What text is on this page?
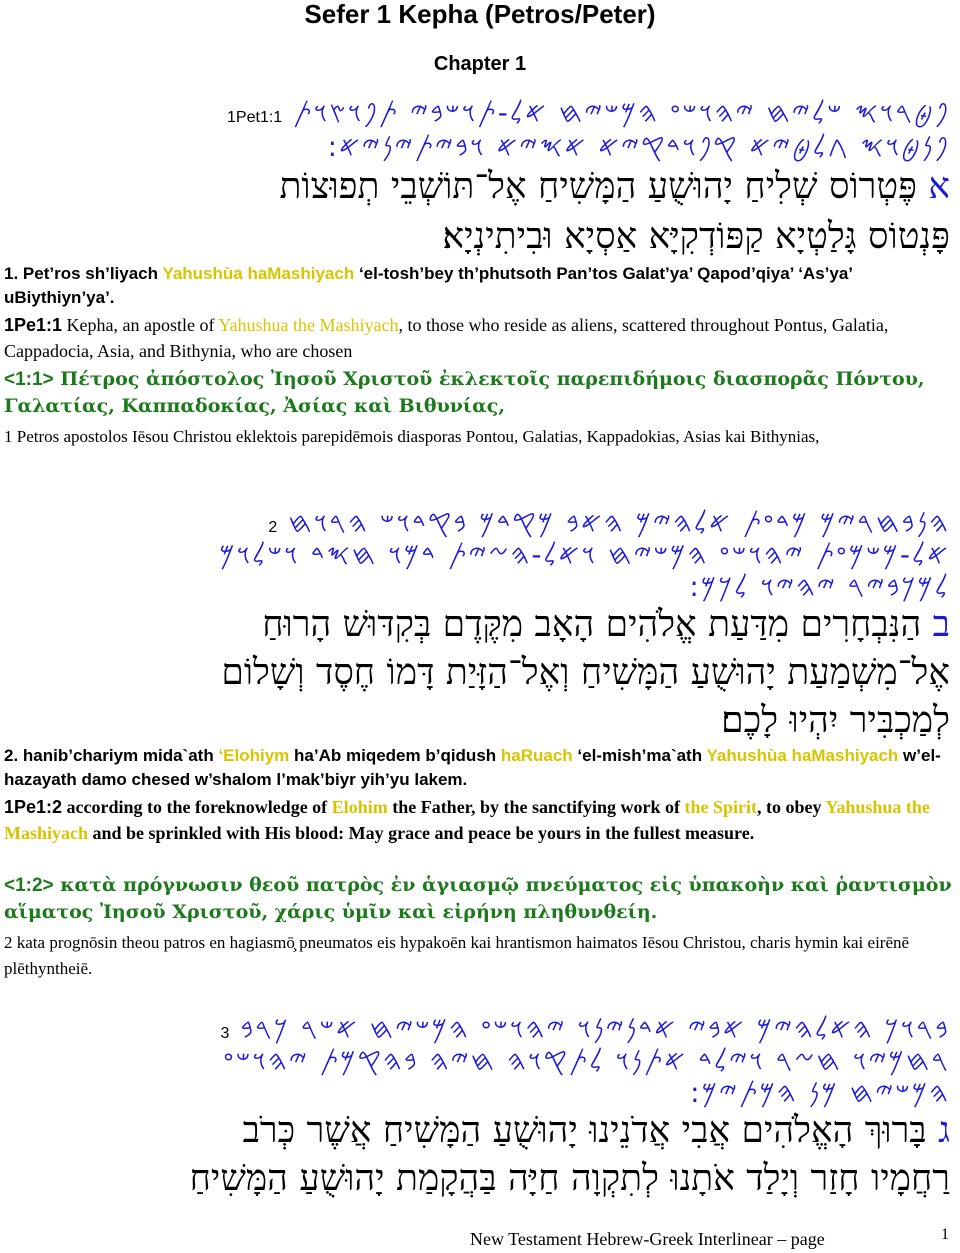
Sefer 1 Kepha (Petros/Peter)
Chapter 1
𐤐𐤈𐤓𐤅𐤎 𐤔𐤋𐤉𐤇 𐤉𐤄𐤅𐤔𐤏 𐤄𐤌𐤔𐤉𐤇 𐤀𐤋-𐤕𐤅𐤔𐤁𐤉 𐤕𐤐𐤅𐤑𐤅𐤕 1Pet1:1
𐤐𐤍𐤈𐤅𐤎 𐤂𐤋𐤈𐤉𐤀 𐤒𐤐𐤅𐤃𐤒𐤉𐤀 𐤀𐤎𐤉𐤀 𐤅𐤁𐤉𐤕𐤉𐤍𐤉𐤀:
א פֶּטְרוֹס שְׁלִיחַ יָהוּשֻׁעַ הַמָּשִׁיחַ אֶל־תּוֹשְׁבֵי תְפוּצוֹת
פָּנְטוֹס גָּלַטְיָא קַפּוֹדְקִיָּא אַסְיָא וּבִיתִינְיָא׃
1. Pet’ros sh’liyach Yahushùa haMashiyach ‘el-tosh’bey th’phutsoth Pan’tos Galat’ya’ Qapod’qiya’ ‘As’ya’ uBiythiyn’ya’.
1Pe1:1 Kepha, an apostle of Yahushua the Mashiyach, to those who reside as aliens, scattered throughout Pontus, Galatia, Cappadocia, Asia, and Bithynia, who are chosen
<1:1> Πέτρος ἀπόστολος Ἰησοῦ Χριστοῦ ἐκλεκτοῖς παρεπιδήμοις διασπορᾶς Πόντου, Γαλατίας, Καππαδοκίας, Ἀσίας καὶ Βιθυνίας,
1 Petros apostolos Iēsou Christou eklektois parepidēmois diasporas Pontou, Galatias, Kappadokias, Asias kai Bithynias,
𐤄𐤍𐤁𐤇𐤓𐤉𐤌 𐤌𐤃𐤏𐤕 𐤀𐤋𐤄𐤉𐤌 𐤄𐤀𐤁 𐤌𐤒𐤃𐤌 𐤁𐤒𐤃𐤅𐤔 𐤄𐤓𐤅𐤇 2
𐤀𐤋-𐤌𐤔𐤌𐤏𐤕 𐤉𐤄𐤅𐤔𐤏 𐤄𐤌𐤔𐤉𐤇 𐤅𐤀𐤋-𐤄𐤆𐤉𐤕 𐤃𐤌𐤅 𐤇𐤎𐤃 𐤅𐤔𐤋𐤅𐤌
𐤋𐤌𐤊𐤁𐤉𐤓 𐤉𐤄𐤉𐤅 𐤋𐤊𐤌:
ב הַנִּבְחָרִים מִדַּעַת אֱלֹהִים הָאָב מִקֶּדֶם בְּקִדּוּשׁ הָרוּחַ
אֶל־מִשְׁמַעַת יָהוּשֻׁעַ הַמָּשִׁיחַ וְאֶל־הַזָּיַת דָּמוֹ חֶסֶד וְשָׁלוֹם
לְמַכְבִּיר יִהְיוּ לָכֶם׃
2. hanib’chariym mida`ath ‘Elohiym ha’Ab miqedem b’qidush haRuach ‘el-mish’ma`ath Yahushùa haMashiyach w’el-hazayath damo chesed w’shalom l’mak’biyr yih’yu lakem.
1Pe1:2 according to the foreknowledge of Elohim the Father, by the sanctifying work of the Spirit, to obey Yahushua the Mashiyach and be sprinkled with His blood: May grace and peace be yours in the fullest measure.
<1:2> κατὰ πρόγνωσιν θεοῦ πατρὸς ἐν ἁγιασμῷ πνεύματος εἰς ὑπακοὴν καὶ ῥαντισμὸν αἵματος Ἰησοῦ Χριστοῦ, χάρις ὑμῖν καὶ εἰρήνη πληθυνθείη.
2 kata prognōsin theou patros en hagiasmō̧ pneumatos eis hypakoēn kai hrantismon haimatos Iēsou Christou, charis hymin kai eirēnē plēthyntheiē.
𐤁𐤓𐤅𐤊 𐤄𐤀𐤋𐤄𐤉𐤌 𐤀𐤁𐤉 𐤀𐤃𐤍𐤉𐤍𐤅 𐤉𐤄𐤅𐤔𐤏 𐤄𐤌𐤔𐤉𐤇 𐤀𐤔𐤓 𐤊𐤓𐤁 3
𐤓𐤇𐤌𐤉𐤅 𐤇𐤆𐤓 𐤅𐤉𐤋𐤃 𐤀𐤕𐤍𐤅 𐤋𐤕𐤒𐤅𐤄 𐤇𐤉𐤄 𐤁𐤄𐤒𐤌𐤕 𐤉𐤄𐤅𐤔𐤏
𐤄𐤌𐤔𐤉𐤇 𐤌𐤍 𐤄𐤌𐤕𐤉𐤌:
ג בָּרוּךְ הָאֱלֹהִים אֲבִי אֲדֹנֵינוּ יָהוּשֻׁעַ הַמָּשִׁיחַ אֲשֶׁר כְּרֹב
רַחֲמָיו חָזַר וְיָלַד אֹתָנוּ לְתִקְוָה חַיָּה בַּהֲקָמַת יָהוּשֻׁעַ הַמָּשִׁיחַ
New Testament Hebrew-Greek Interlinear – page	1
